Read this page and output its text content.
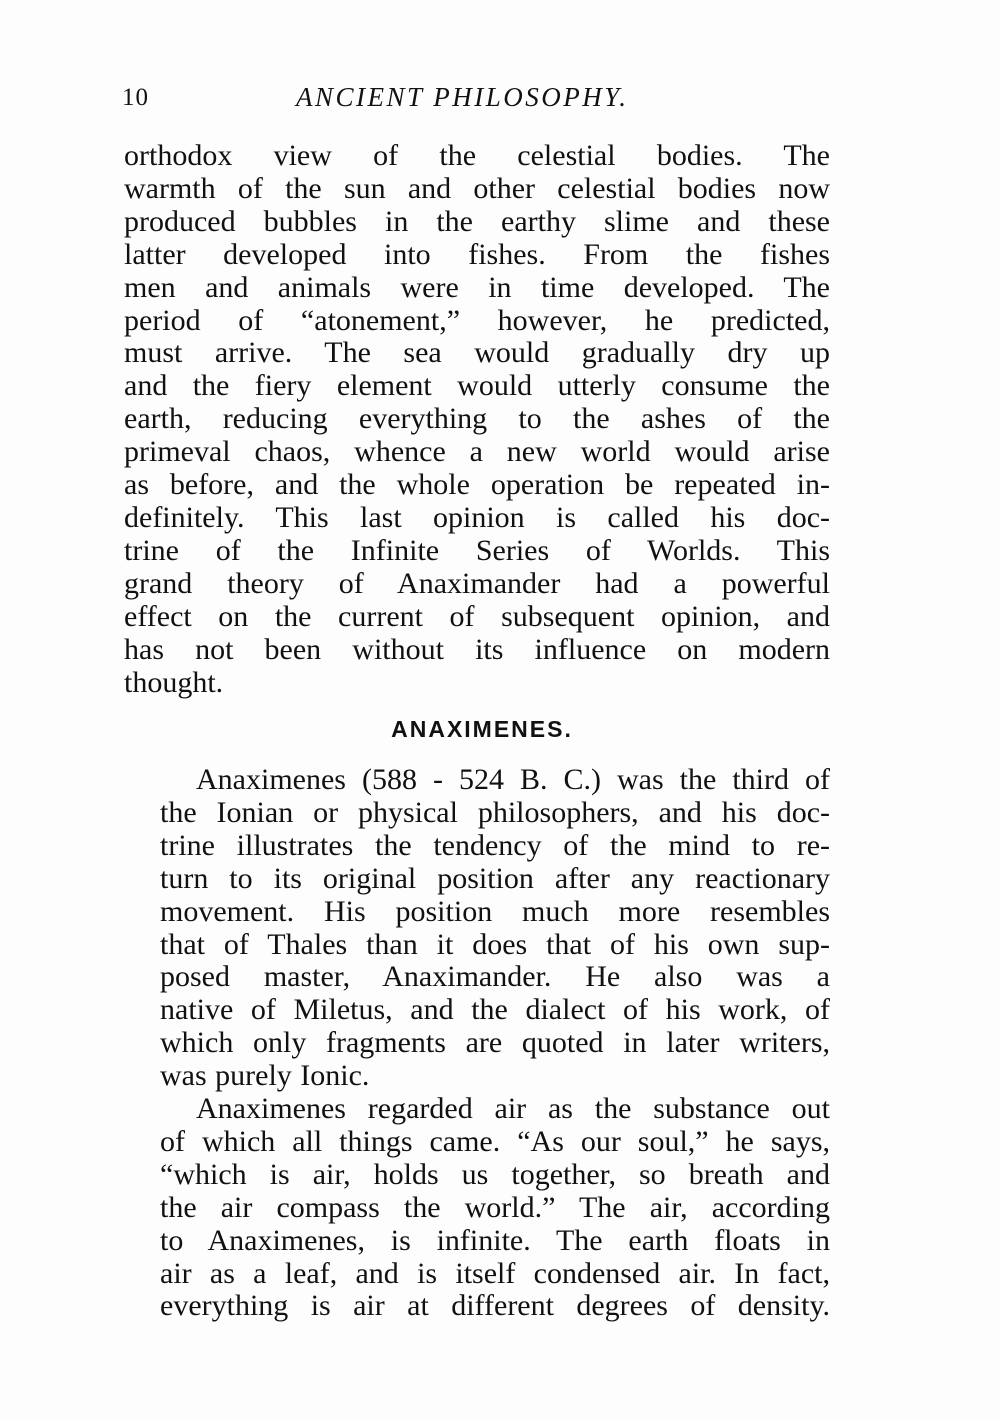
10	ANCIENT PHILOSOPHY.
orthodox view of the celestial bodies. The
warmth of the sun and other celestial bodies now
produced bubbles in the earthy slime and these
latter developed into fishes. From the fishes
men and animals were in time developed. The
period of “atonement,” however, he predicted,
must arrive. The sea would gradually dry up
and the fiery element would utterly consume the
earth, reducing everything to the ashes of the
primeval chaos, whence a new world would arise
as before, and the whole operation be repeated in-
definitely. This last opinion is called his doc-
trine of the Infinite Series of Worlds. This
grand theory of Anaximander had a powerful
effect on the current of subsequent opinion, and
has not been without its influence on modern
thought.
ANAXIMENES.
Anaximenes (588 - 524 B. C.) was the third of
the Ionian or physical philosophers, and his doc-
trine illustrates the tendency of the mind to re-
turn to its original position after any reactionary
movement. His position much more resembles
that of Thales than it does that of his own sup-
posed master, Anaximander. He also was a
native of Miletus, and the dialect of his work, of
which only fragments are quoted in later writers,
was purely Ionic.
Anaximenes regarded air as the substance out
of which all things came. “As our soul,” he says,
“which is air, holds us together, so breath and
the air compass the world.” The air, according
to Anaximenes, is infinite. The earth floats in
air as a leaf, and is itself condensed air. In fact,
everything is air at different degrees of density.
